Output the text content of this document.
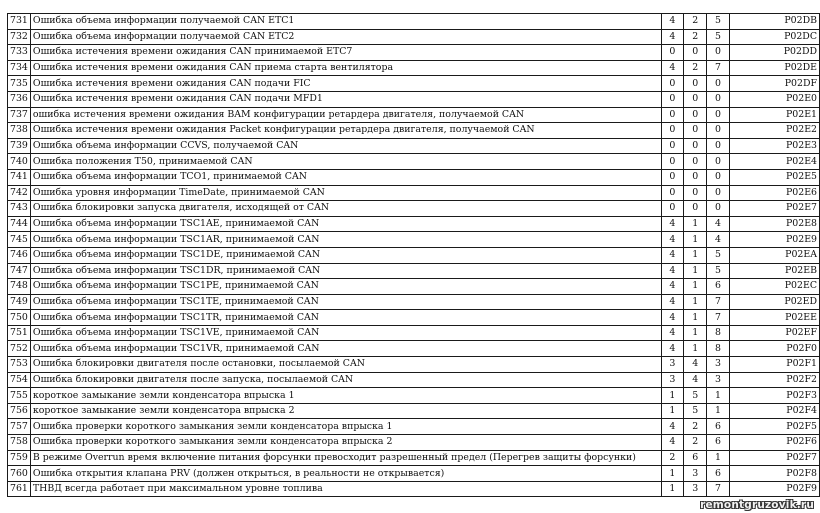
731	Ошибка объема информации получаемой CAN ETC1	4	2	5	P02DB
732	Ошибка объема информации получаемой CAN ETC2	4	2	5	P02DC
733	Ошибка истечения времени ожидания CAN принимаемой ETC7	0	0	0	P02DD
734	Ошибка истечения времени ожидания CAN приема старта вентилятора	4	2	7	P02DE
735	Ошибка истечения времени ожидания CAN подачи FIC	0	0	0	P02DF
736	Ошибка истечения времени ожидания CAN подачи MFD1	0	0	0	P02E0
737	ошибка истечения времени ожидания BAM конфигурации ретардера двигателя, получаемой CAN	0	0	0	P02E1
738	Ошибка истечения времени ожидания Packet конфигурации ретардера двигателя, получаемой CAN	0	0	0	P02E2
739	Ошибка объема информации CCVS, получаемой CAN	0	0	0	P02E3
740	Ошибка положения T50, принимаемой CAN	0	0	0	P02E4
741	Ошибка объема информации TCO1, принимаемой CAN	0	0	0	P02E5
742	Ошибка уровня информации TimeDate, принимаемой CAN	0	0	0	P02E6
743	Ошибка блокировки запуска двигателя, исходящей от CAN	0	0	0	P02E7
744	Ошибка объема информации TSC1AE, принимаемой CAN	4	1	4	P02E8
745	Ошибка объема информации TSC1AR, принимаемой CAN	4	1	4	P02E9
746	Ошибка объема информации TSC1DE, принимаемой CAN	4	1	5	P02EA
747	Ошибка объема информации TSC1DR, принимаемой CAN	4	1	5	P02EB
748	Ошибка объема информации TSC1PE, принимаемой CAN	4	1	6	P02EC
749	Ошибка объема информации TSC1TE, принимаемой CAN	4	1	7	P02ED
750	Ошибка объема информации TSC1TR, принимаемой CAN	4	1	7	P02EE
751	Ошибка объема информации TSC1VE, принимаемой CAN	4	1	8	P02EF
752	Ошибка объема информации TSC1VR, принимаемой CAN	4	1	8	P02F0
753	Ошибка блокировки двигателя после остановки, посылаемой CAN	3	4	3	P02F1
754	Ошибка блокировки двигателя после запуска, посылаемой CAN	3	4	3	P02F2
755	короткое замыкание земли конденсатора впрыска 1	1	5	1	P02F3
756	короткое замыкание земли конденсатора впрыска 2	1	5	1	P02F4
757	Ошибка проверки короткого замыкания земли конденсатора впрыска 1	4	2	6	P02F5
758	Ошибка проверки короткого замыкания земли конденсатора впрыска 2	4	2	6	P02F6
759	В режиме Overrun время включение питания форсунки превосходит разрешенный предел (Перегрев защиты форсунки)	2	6	1	P02F7
760	Ошибка открытия клапана PRV (должен открыться, в реальности не открывается)	1	3	6	P02F8
761	ТНВД всегда работает при максимальном уровне топлива	1	3	7	P02F9
remontgruzovik.ru
